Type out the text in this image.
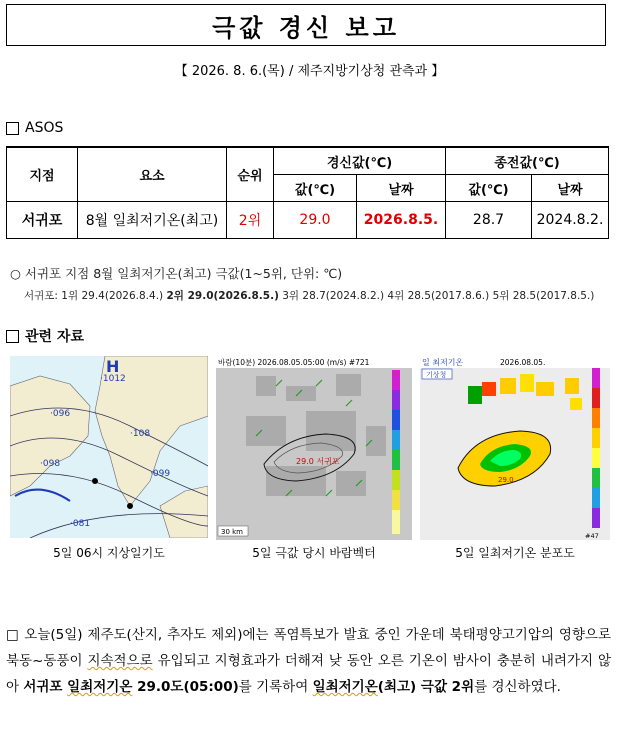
극값 경신 보고
【 2026. 8. 6.(목) / 제주지방기상청 관측과 】
ASOS
지점	요소	순위	경신값(℃)		종전값(℃)	
			값(℃)	날짜	값(℃)	날짜
서귀포	8월 일최저기온(최고)	2위	29.0	2026.8.5.	28.7	2024.8.2.
○ 서귀포 지점 8월 일최저기온(최고) 극값(1~5위, 단위: ℃)
서귀포: 1위 29.4(2026.8.4.) 2위 29.0(2026.8.5.) 3위 28.7(2024.8.2.) 4위 28.5(2017.8.6.) 5위 28.5(2017.8.5.)
관련 자료
·1012
·096
·108
·098
·099
·081
H
5일 06시 지상일기도
바람(10분) 2026.08.05.05:00 (m/s) #721
29.0 서귀포
30 km
5일 극값 당시 바람벡터
일 최저기온	2026.08.05.
기상청
29.0
#47
5일 일최저기온 분포도
□ 오늘(5일) 제주도(산지, 추자도 제외)에는 폭염특보가 발효 중인 가운데 북태평양고기압의 영향으로 북동~동풍이 지속적으로 유입되고 지형효과가 더해져 낮 동안 오른 기온이 밤사이 충분히 내려가지 않아 서귀포 일최저기온 29.0도(05:00)를 기록하여 일최저기온(최고) 극값 2위를 경신하였다.
